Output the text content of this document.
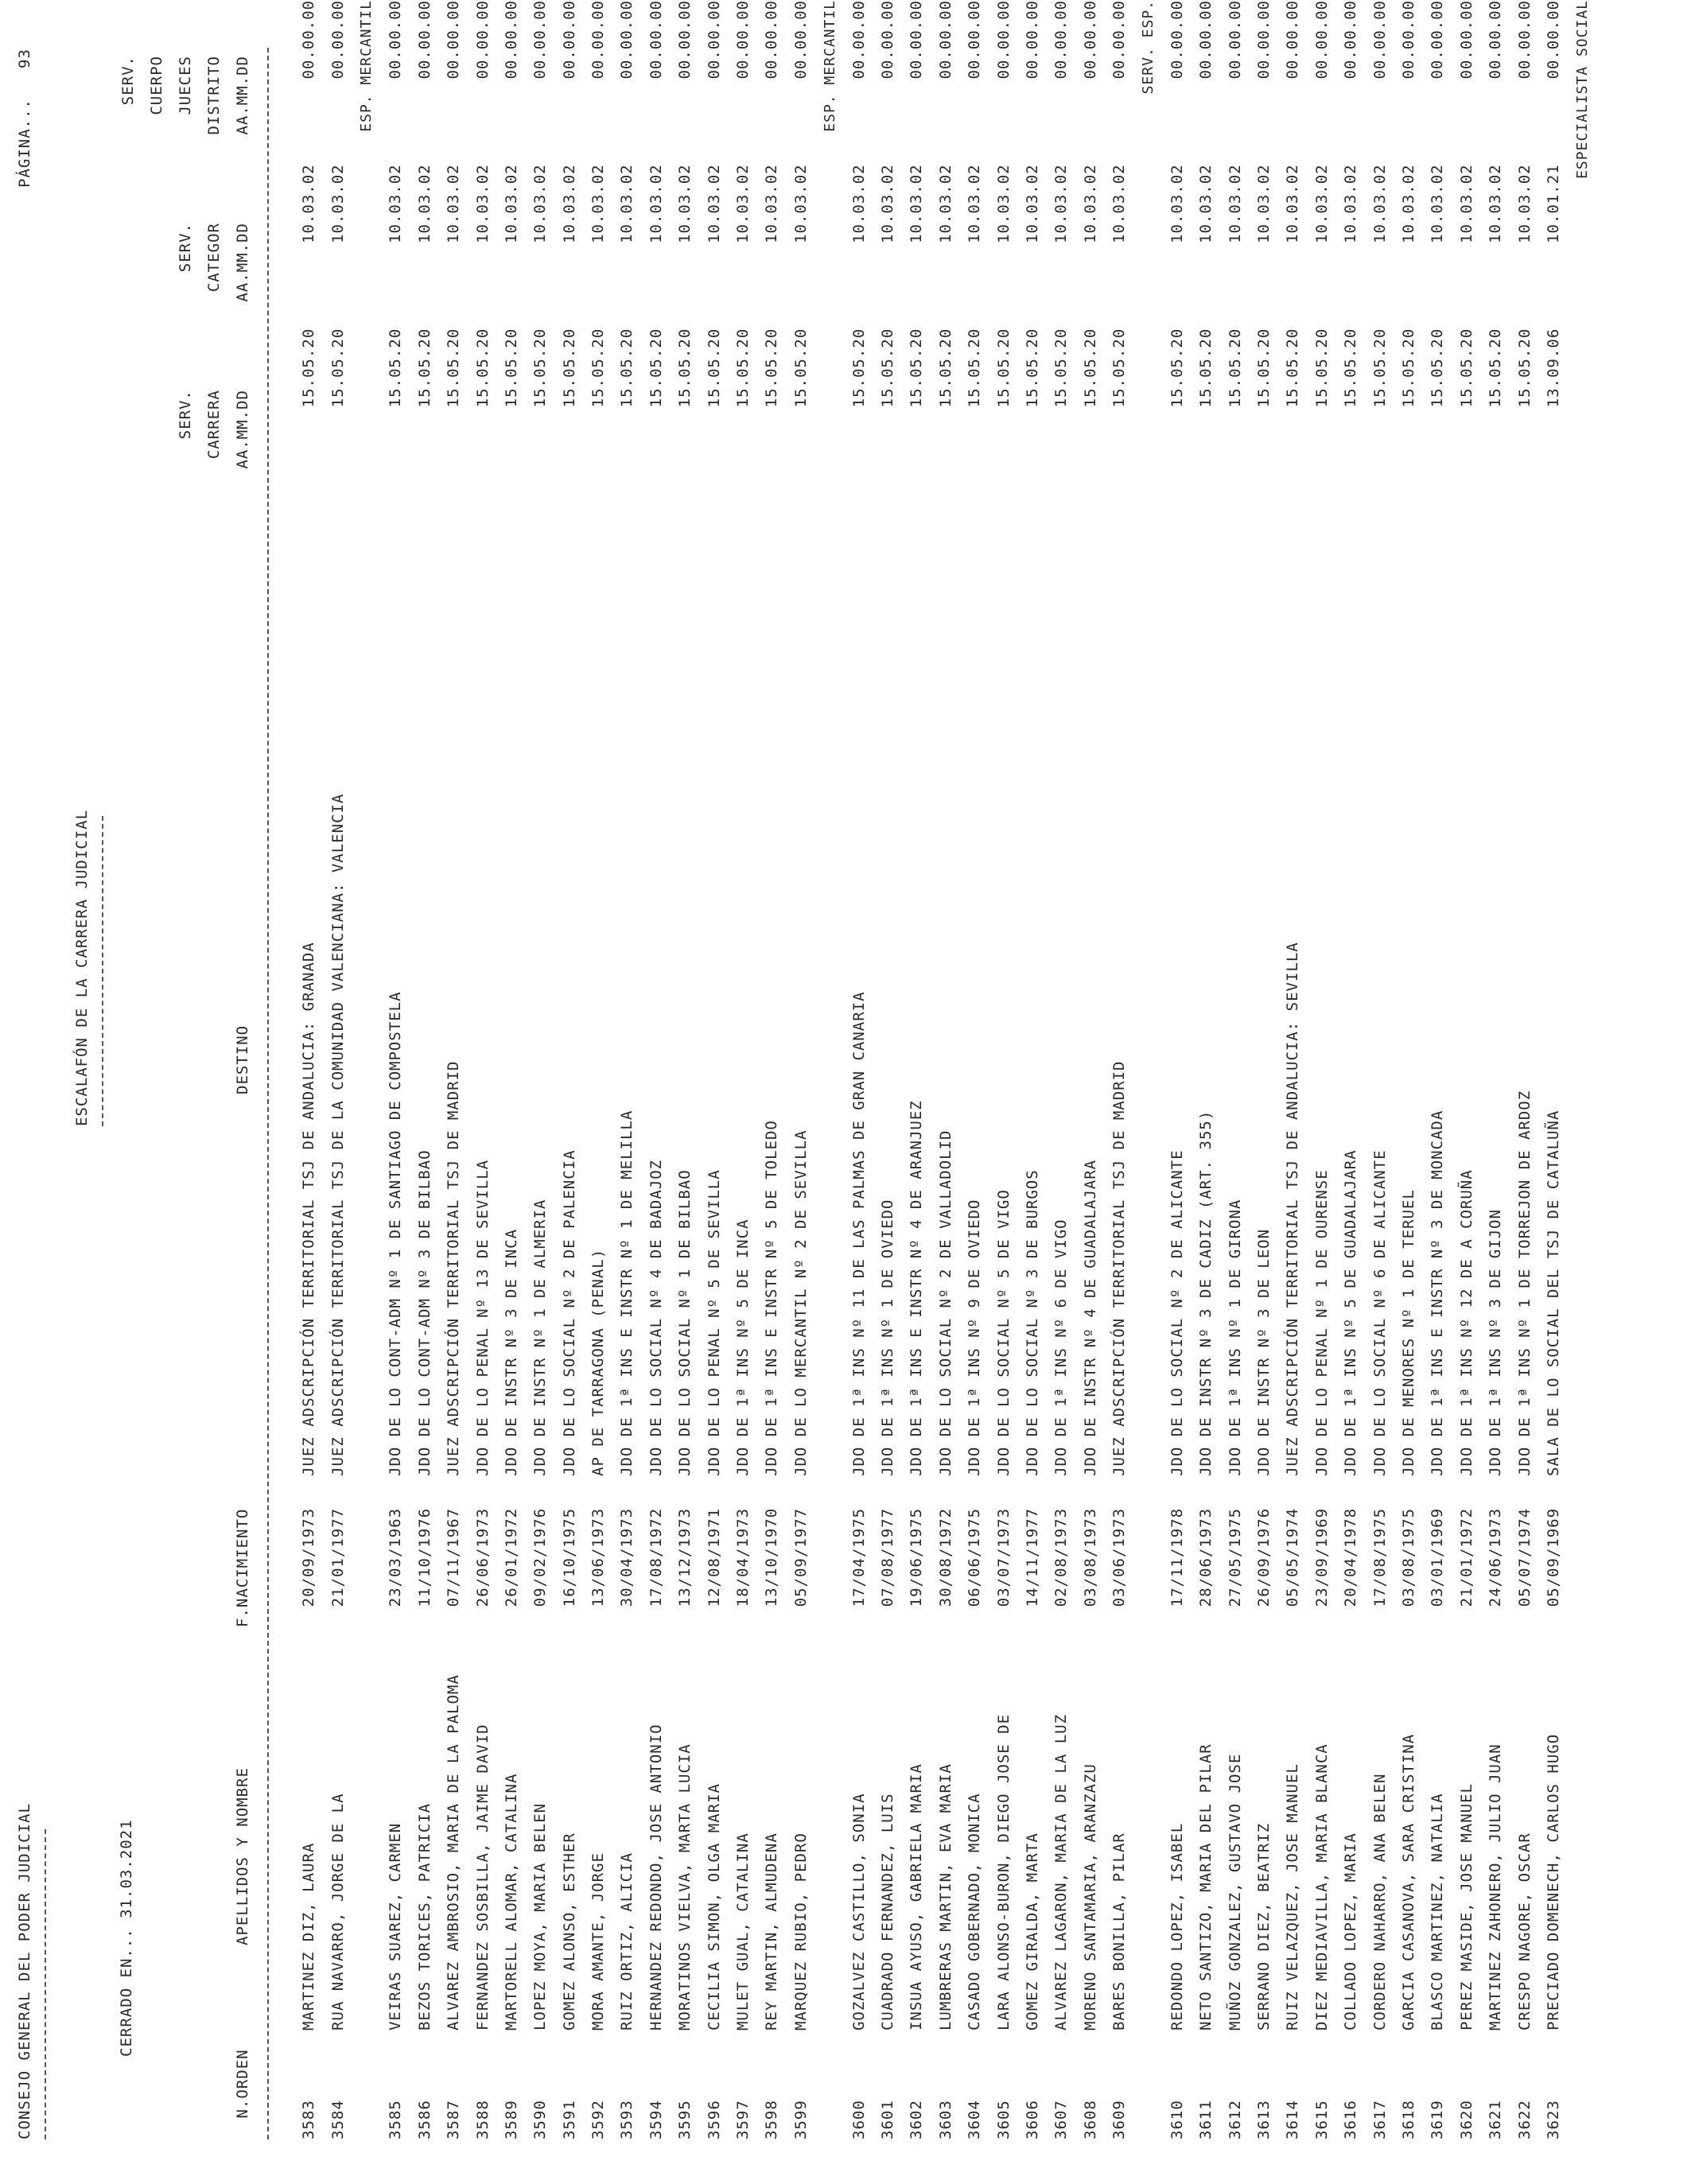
CONSEJO GENERAL DEL PODER JUDICIAL
ESCALAFÓN DE LA CARRERA JUDICIAL
PÁGINA...
93
CERRADO EN... 31.03.2021
N.ORDEN
APELLIDOS Y NOMBRE
F.NACIMIENTO
DESTINO
SERV. CARRERA AA.MM.DD
SERV. CATEGOR AA.MM.DD
SERV. CUERPO JUECES DISTRITO AA.MM.DD
3583	MARTINEZ DIZ, LAURA	20/09/1973	JUEZ ADSCRIPCIÓN TERRITORIAL TSJ DE ANDALUCIA: GRANADA	15.05.20	10.03.02	00.00.00
3584	RUA NAVARRO, JORGE DE LA	21/01/1977	JUEZ ADSCRIPCIÓN TERRITORIAL TSJ DE LA COMUNIDAD VALENCIANA: VALENCIA	15.05.20	10.03.02	00.00.00
ESP. MERCANTIL						
3585	VEIRAS SUAREZ, CARMEN	23/03/1963	JDO DE LO CONT-ADM Nº 1 DE SANTIAGO DE COMPOSTELA	15.05.20	10.03.02	00.00.00
3586	BEZOS TORICES, PATRICIA	11/10/1976	JDO DE LO CONT-ADM Nº 3 DE BILBAO	15.05.20	10.03.02	00.00.00
3587	ALVAREZ AMBROSIO, MARIA DE LA PALOMA	07/11/1967	JUEZ ADSCRIPCIÓN TERRITORIAL TSJ DE MADRID	15.05.20	10.03.02	00.00.00
3588	FERNANDEZ SOSBILLA, JAIME DAVID	26/06/1973	JDO DE LO PENAL Nº 13 DE SEVILLA	15.05.20	10.03.02	00.00.00
3589	MARTORELL ALOMAR, CATALINA	26/01/1972	JDO DE INSTR Nº 3 DE INCA	15.05.20	10.03.02	00.00.00
3590	LOPEZ MOYA, MARIA BELEN	09/02/1976	JDO DE INSTR Nº 1 DE ALMERIA	15.05.20	10.03.02	00.00.00
3591	GOMEZ ALONSO, ESTHER	16/10/1975	JDO DE LO SOCIAL Nº 2 DE PALENCIA	15.05.20	10.03.02	00.00.00
3592	MORA AMANTE, JORGE	13/06/1973	AP DE TARRAGONA (PENAL)	15.05.20	10.03.02	00.00.00
3593	RUIZ ORTIZ, ALICIA	30/04/1973	JDO DE 1ª INS E INSTR Nº 1 DE MELILLA	15.05.20	10.03.02	00.00.00
3594	HERNANDEZ REDONDO, JOSE ANTONIO	17/08/1972	JDO DE LO SOCIAL Nº 4 DE BADAJOZ	15.05.20	10.03.02	00.00.00
3595	MORATINOS VIELVA, MARTA LUCIA	13/12/1973	JDO DE LO SOCIAL Nº 1 DE BILBAO	15.05.20	10.03.02	00.00.00
3596	CECILIA SIMON, OLGA MARIA	12/08/1971	JDO DE LO PENAL Nº 5 DE SEVILLA	15.05.20	10.03.02	00.00.00
3597	MULET GUAL, CATALINA	18/04/1973	JDO DE 1ª INS Nº 5 DE INCA	15.05.20	10.03.02	00.00.00
3598	REY MARTIN, ALMUDENA	13/10/1970	JDO DE 1ª INS E INSTR Nº 5 DE TOLEDO	15.05.20	10.03.02	00.00.00
3599	MARQUEZ RUBIO, PEDRO	05/09/1977	JDO DE LO MERCANTIL Nº 2 DE SEVILLA	15.05.20	10.03.02	00.00.00
ESP. MERCANTIL						
3600	GOZALVEZ CASTILLO, SONIA	17/04/1975	JDO DE 1ª INS Nº 11 DE LAS PALMAS DE GRAN CANARIA	15.05.20	10.03.02	00.00.00
3601	CUADRADO FERNANDEZ, LUIS	07/08/1977	JDO DE 1ª INS Nº 1 DE OVIEDO	15.05.20	10.03.02	00.00.00
3602	INSUA AYUSO, GABRIELA MARIA	19/06/1975	JDO DE 1ª INS E INSTR Nº 4 DE ARANJUEZ	15.05.20	10.03.02	00.00.00
3603	LUMBRERAS MARTIN, EVA MARIA	30/08/1972	JDO DE LO SOCIAL Nº 2 DE VALLADOLID	15.05.20	10.03.02	00.00.00
3604	CASADO GOBERNADO, MONICA	06/06/1975	JDO DE 1ª INS Nº 9 DE OVIEDO	15.05.20	10.03.02	00.00.00
3605	LARA ALONSO-BURON, DIEGO JOSE DE	03/07/1973	JDO DE LO SOCIAL Nº 5 DE VIGO	15.05.20	10.03.02	00.00.00
3606	GOMEZ GIRALDA, MARTA	14/11/1977	JDO DE LO SOCIAL Nº 3 DE BURGOS	15.05.20	10.03.02	00.00.00
3607	ALVAREZ LAGARON, MARIA DE LA LUZ	02/08/1973	JDO DE 1ª INS Nº 6 DE VIGO	15.05.20	10.03.02	00.00.00
3608	MORENO SANTAMARIA, ARANZAZU	03/08/1973	JDO DE INSTR Nº 4 DE GUADALAJARA	15.05.20	10.03.02	00.00.00
3609	BARES BONILLA, PILAR	03/06/1973	JUEZ ADSCRIPCIÓN TERRITORIAL TSJ DE MADRID	15.05.20	10.03.02	00.00.00
SERV. ESP.						
3610	REDONDO LOPEZ, ISABEL	17/11/1978	JDO DE LO SOCIAL Nº 2 DE ALICANTE	15.05.20	10.03.02	00.00.00
3611	NETO SANTIZO, MARIA DEL PILAR	28/06/1973	JDO DE INSTR Nº 3 DE CADIZ (ART. 355)	15.05.20	10.03.02	00.00.00
3612	MUÑOZ GONZALEZ, GUSTAVO JOSE	27/05/1975	JDO DE 1ª INS Nº 1 DE GIRONA	15.05.20	10.03.02	00.00.00
3613	SERRANO DIEZ, BEATRIZ	26/09/1976	JDO DE INSTR Nº 3 DE LEON	15.05.20	10.03.02	00.00.00
3614	RUIZ VELAZQUEZ, JOSE MANUEL	05/05/1974	JUEZ ADSCRIPCIÓN TERRITORIAL TSJ DE ANDALUCIA: SEVILLA	15.05.20	10.03.02	00.00.00
3615	DIEZ MEDIAVILLA, MARIA BLANCA	23/09/1969	JDO DE LO PENAL Nº 1 DE OURENSE	15.05.20	10.03.02	00.00.00
3616	COLLADO LOPEZ, MARIA	20/04/1978	JDO DE 1ª INS Nº 5 DE GUADALAJARA	15.05.20	10.03.02	00.00.00
3617	CORDERO NAHARRO, ANA BELEN	17/08/1975	JDO DE LO SOCIAL Nº 6 DE ALICANTE	15.05.20	10.03.02	00.00.00
3618	GARCIA CASANOVA, SARA CRISTINA	03/08/1975	JDO DE MENORES Nº 1 DE TERUEL	15.05.20	10.03.02	00.00.00
3619	BLASCO MARTINEZ, NATALIA	03/01/1969	JDO DE 1ª INS E INSTR Nº 3 DE MONCADA	15.05.20	10.03.02	00.00.00
3620	PEREZ MASIDE, JOSE MANUEL	21/01/1972	JDO DE 1ª INS Nº 12 DE A CORUÑA	15.05.20	10.03.02	00.00.00
3621	MARTINEZ ZAHONERO, JULIO JUAN	24/06/1973	JDO DE 1ª INS Nº 3 DE GIJON	15.05.20	10.03.02	00.00.00
3622	CRESPO NAGORE, OSCAR	05/07/1974	JDO DE 1ª INS Nº 1 DE TORREJON DE ARDOZ	15.05.20	10.03.02	00.00.00
3623	PRECIADO DOMENECH, CARLOS HUGO	05/09/1969	SALA DE LO SOCIAL DEL TSJ DE CATALUÑA	13.09.06	10.01.21	00.00.00
ESPECIALISTA SOCIAL						
